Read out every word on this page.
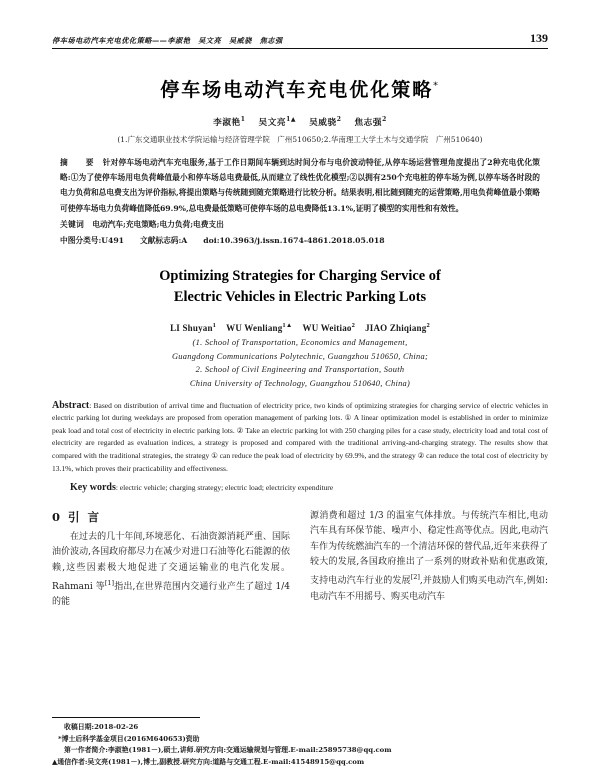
停车场电动汽车充电优化策略——李淑艳　吴文亮　吴威骁　焦志强	139
停车场电动汽车充电优化策略*
李淑艳$^1$ 吴文亮$^{1▲}$ 吴威骁$^2$ 焦志强$^2$
(1.广东交通职业技术学院运输与经济管理学院　广州510650;2.华南理工大学土木与交通学院　广州510640)
摘　要 针对停车场电动汽车充电服务,基于工作日期间车辆到达时间分布与电价波动特征,从停车场运营管理角度提出了2种充电优化策略:①为了使停车场用电负荷峰值最小和停车场总电费最低,从而建立了线性优化模型;②以拥有250个充电桩的停车场为例,以停车场各时段的电力负荷和总电费支出为评价指标,将提出策略与传统随到随充策略进行比较分析。结果表明,相比随到随充的运营策略,用电负荷峰值最小策略可使停车场电力负荷峰值降低69.9%,总电费最低策略可使停车场的总电费降低13.1%,证明了模型的实用性和有效性。
关键词 电动汽车;充电策略;电力负荷;电费支出
中图分类号:U491 文献标志码:A doi:10.3963/j.issn.1674-4861.2018.05.018
Optimizing Strategies for Charging Service of
Electric Vehicles in Electric Parking Lots
LI Shuyan$^1$ WU Wenliang$^{1▲}$ WU Weitiao$^2$ JIAO Zhiqiang$^2$
(1. School of Transportation, Economics and Management,
Guangdong Communications Polytechnic, Guangzhou 510650, China;
2. School of Civil Engineering and Transportation, South
China University of Technology, Guangzhou 510640, China)
Abstract: Based on distribution of arrival time and fluctuation of electricity price, two kinds of optimizing strategies for charging service of electric vehicles in electric parking lot during weekdays are proposed from operation management of parking lots. ① A linear optimization model is established in order to minimize peak load and total cost of electricity in electric parking lots. ② Take an electric parking lot with 250 charging piles for a case study, electricity load and total cost of electricity are regarded as evaluation indices, a strategy is proposed and compared with the traditional arriving-and-charging strategy. The results show that compared with the traditional strategies, the strategy ① can reduce the peak load of electricity by 69.9%, and the strategy ② can reduce the total cost of electricity by 13.1%, which proves their practicability and effectiveness.
Key words: electric vehicle; charging strategy; electric load; electricity expenditure
0 引 言
在过去的几十年间,环境恶化、石油资源消耗严重、国际油价波动,各国政府都尽力在减少对进口石油等化石能源的依赖,这些因素极大地促进了交通运输业的电汽化发展。Rahmani 等[1]指出,在世界范围内交通行业产生了超过 1/4 的能
源消费和超过 1/3 的温室气体排放。与传统汽车相比,电动汽车具有环保节能、噪声小、稳定性高等优点。因此,电动汽车作为传统燃油汽车的一个清洁环保的替代品,近年来获得了较大的发展,各国政府推出了一系列的财政补贴和优惠政策,支持电动汽车行业的发展[2],并鼓励人们购买电动汽车,例如:电动汽车不用摇号、购买电动汽车
收稿日期:2018-02-26
*博士后科学基金项目(2016M640653)资助
第一作者简介:李淑艳(1981－),硕士,讲师.研究方向:交通运输规划与管理.E-mail:25895738@qq.com
▲通信作者:吴文亮(1981－),博士,副教授.研究方向:道路与交通工程.E-mail:41548915@qq.com
